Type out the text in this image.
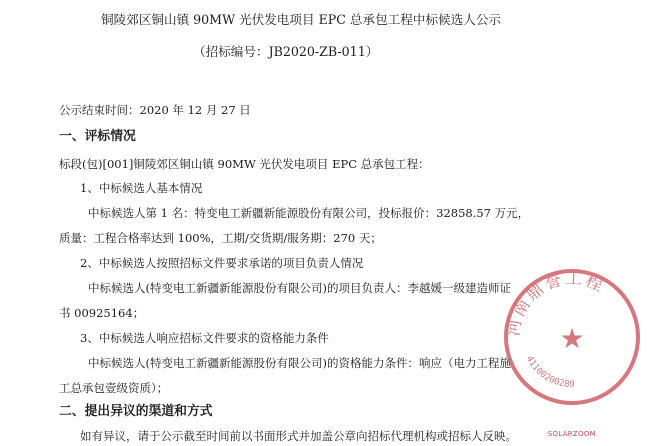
铜陵郊区铜山镇 90MW 光伏发电项目 EPC 总承包工程中标候选人公示
（招标编号：JB2020-ZB-011）
公示结束时间：2020 年 12 月 27 日
一、评标情况
标段(包)[001]铜陵郊区铜山镇 90MW 光伏发电项目 EPC 总承包工程：
1、中标候选人基本情况
中标候选人第 1 名：特变电工新疆新能源股份有限公司，投标报价：32858.57 万元，
质量：工程合格率达到 100%，工期/交货期/服务期：270 天；
2、中标候选人按照招标文件要求承诺的项目负责人情况
中标候选人(特变电工新疆新能源股份有限公司)的项目负责人：李越媛一级建造师证
书 00925164；
3、中标候选人响应招标文件要求的资格能力条件
中标候选人(特变电工新疆新能源股份有限公司)的资格能力条件：响应（电力工程施
工总承包壹级资质）；
二、提出异议的渠道和方式
如有异议，请于公示截至时间前以书面形式并加盖公章向招标代理机构或招标人反映。
河南鼎誉工程
41100200289
★
SOLARZOOM
